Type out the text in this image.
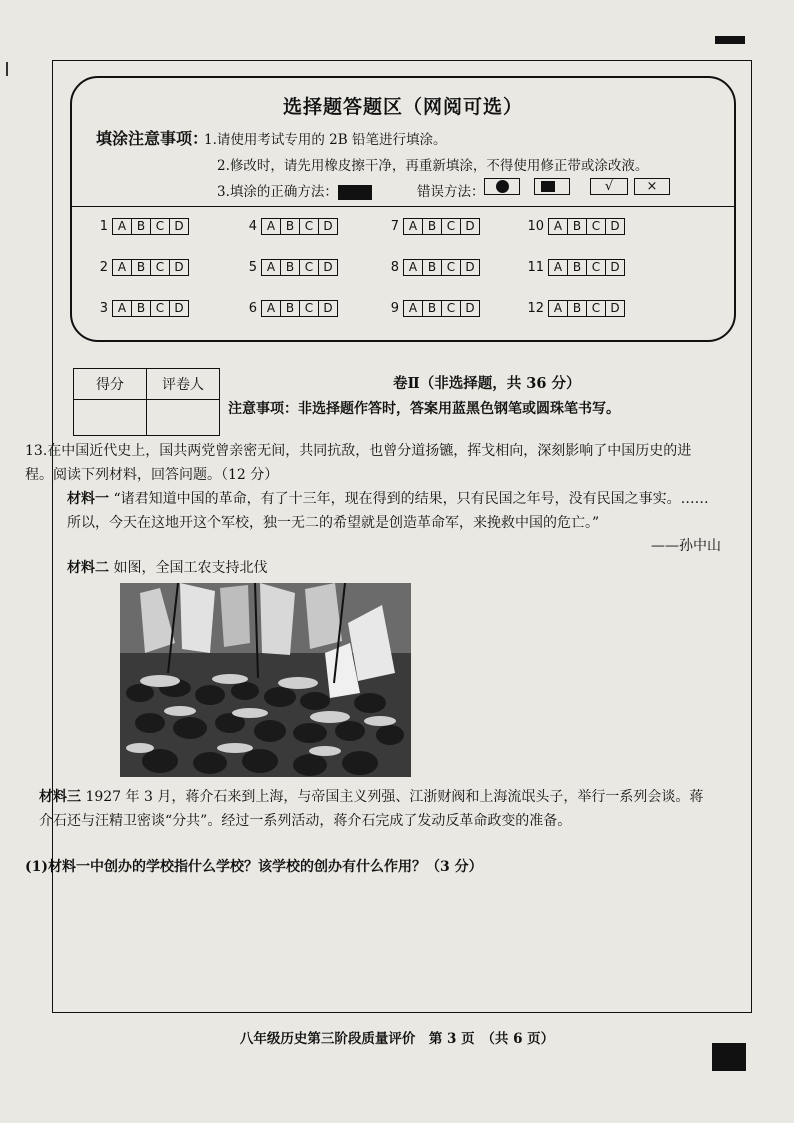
选择题答题区（网阅可选）
填涂注意事项：
1.请使用考试专用的 2B 铅笔进行填涂。
2.修改时，请先用橡皮擦干净，再重新填涂，不得使用修正带或涂改液。
3.填涂的正确方法：	错误方法：	√	×
1 A B C D	4 A B C D	7 A B C D	10 A B C D
2 A B C D	5 A B C D	8 A B C D	11 A B C D
3 A B C D	6 A B C D	9 A B C D	12 A B C D
得分	评卷人
		卷Ⅱ（非选择题，共 36 分）
注意事项：非选择题作答时，答案用蓝黑色钢笔或圆珠笔书写。
13.在中国近代史上，国共两党曾亲密无间，共同抗敌，也曾分道扬镳，挥戈相向，深刻影响了中国历史的进程。阅读下列材料，回答问题。（12 分）
材料一 “诸君知道中国的革命，有了十三年，现在得到的结果，只有民国之年号，没有民国之事实。……所以，今天在这地开这个军校，独一无二的希望就是创造革命军，来挽救中国的危亡。”
——孙中山
材料二 如图，全国工农支持北伐
材料三 1927 年 3 月，蒋介石来到上海，与帝国主义列强、江浙财阀和上海流氓头子，举行一系列会谈。蒋介石还与汪精卫密谈“分共”。经过一系列活动，蒋介石完成了发动反革命政变的准备。
(1)材料一中创办的学校指什么学校？该学校的创办有什么作用？（3 分）
八年级历史第三阶段质量评价　第 3 页　（共 6 页）
